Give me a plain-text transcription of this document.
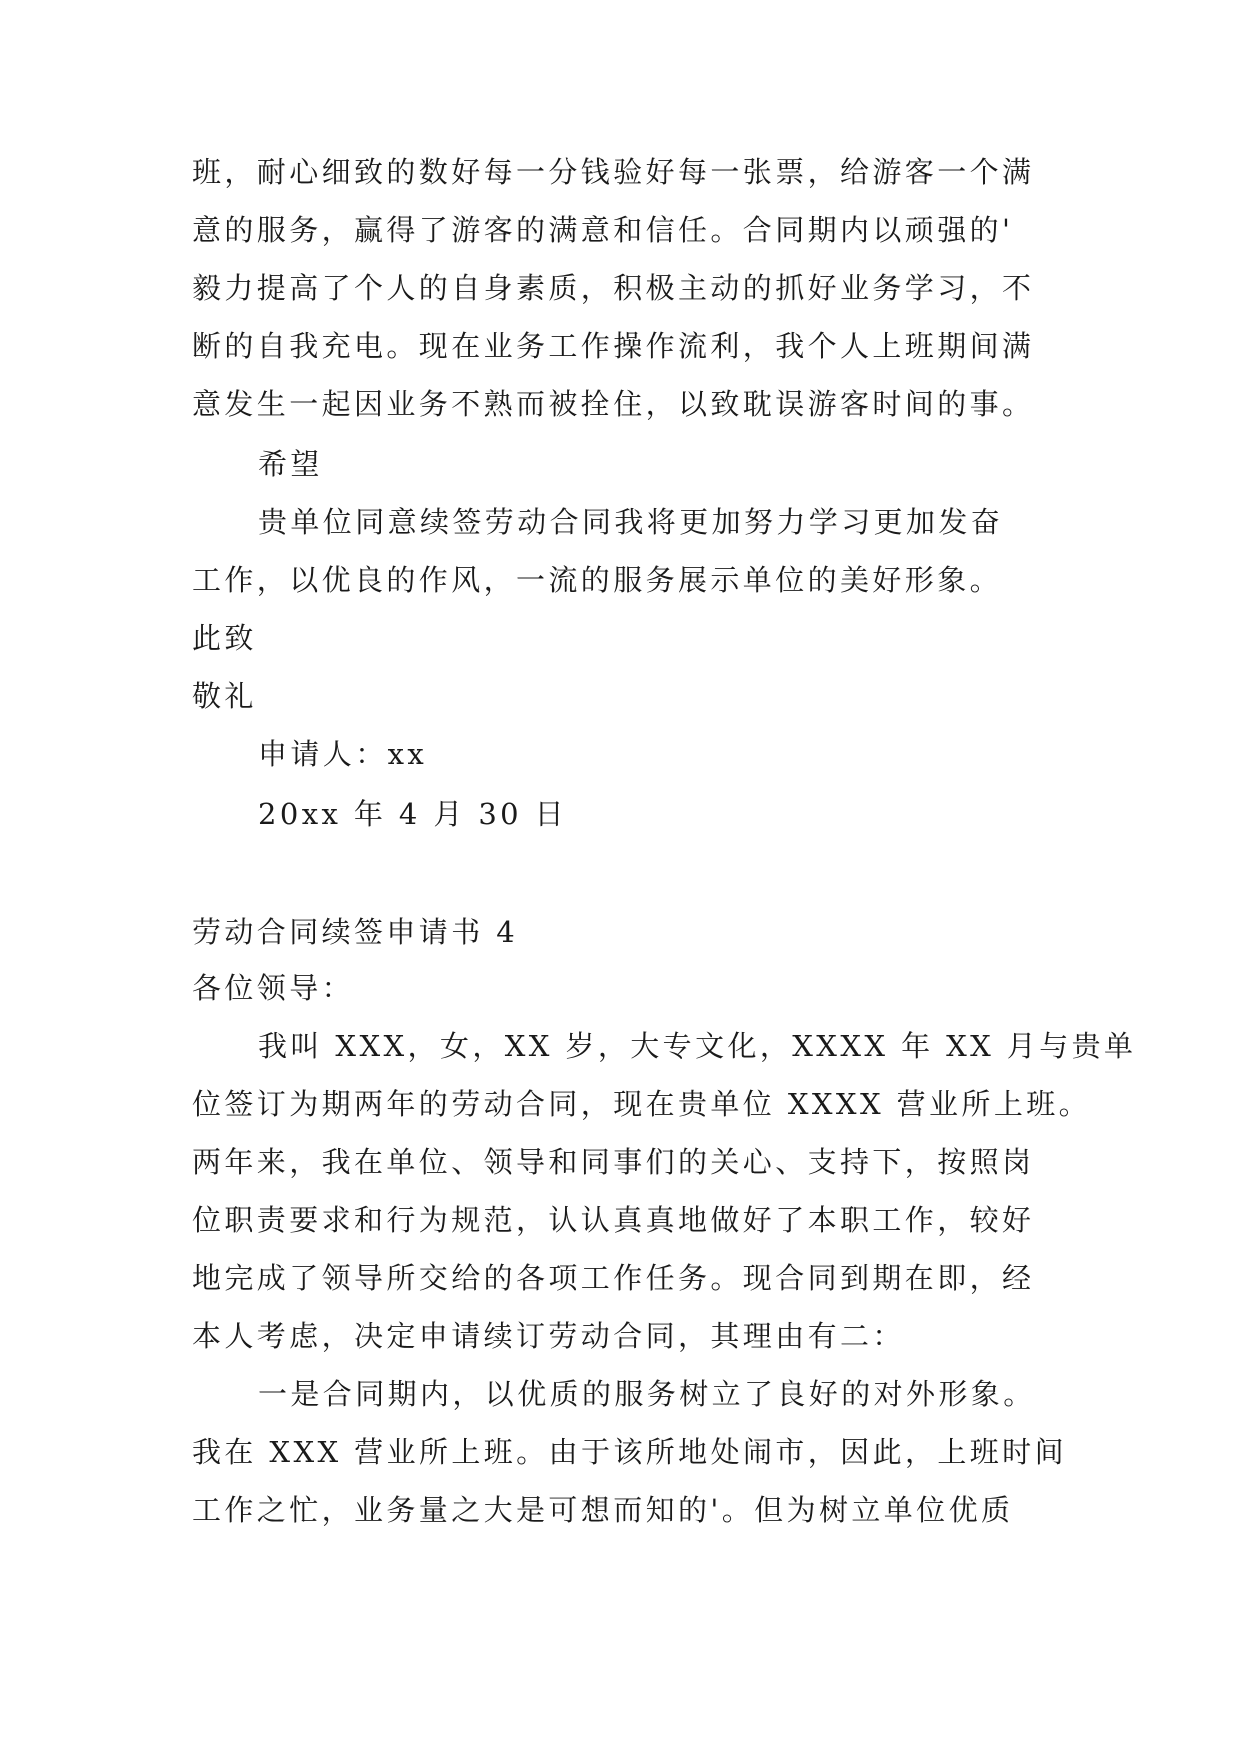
班，耐心细致的数好每一分钱验好每一张票，给游客一个满

意的服务，赢得了游客的满意和信任。合同期内以顽强的'

毅力提高了个人的自身素质，积极主动的抓好业务学习，不

断的自我充电。现在业务工作操作流利，我个人上班期间满

意发生一起因业务不熟而被拴住，以致耽误游客时间的事。

希望

贵单位同意续签劳动合同我将更加努力学习更加发奋

工作，以优良的作风，一流的服务展示单位的美好形象。

此致

敬礼

申请人：xx

20xx 年 4 月 30 日

劳动合同续签申请书 4

各位领导：

我叫 XXX，女，XX 岁，大专文化，XXXX 年 XX 月与贵单

位签订为期两年的劳动合同，现在贵单位 XXXX 营业所上班。

两年来，我在单位、领导和同事们的关心、支持下，按照岗

位职责要求和行为规范，认认真真地做好了本职工作，较好

地完成了领导所交给的各项工作任务。现合同到期在即，经

本人考虑，决定申请续订劳动合同，其理由有二：

一是合同期内，以优质的服务树立了良好的对外形象。

我在 XXX 营业所上班。由于该所地处闹市，因此，上班时间

工作之忙，业务量之大是可想而知的'。但为树立单位优质
